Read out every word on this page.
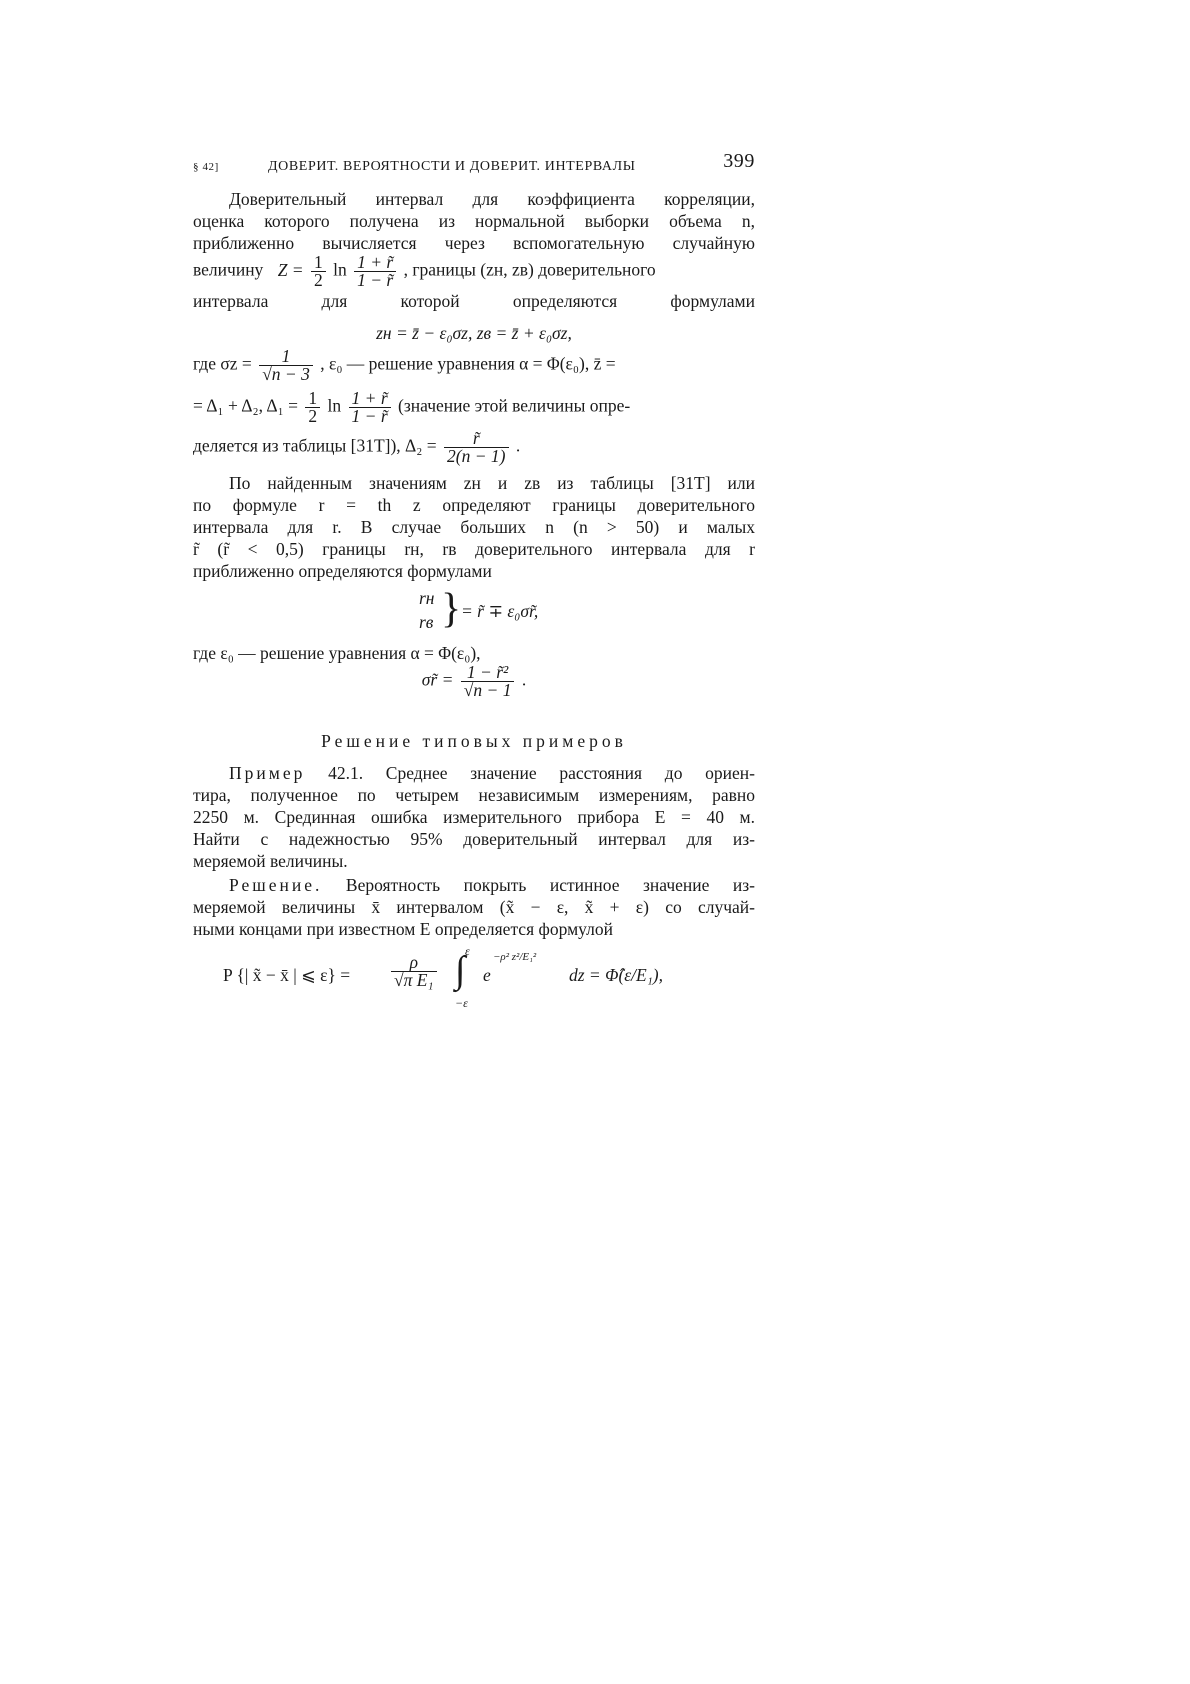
§ 42]	ДОВЕРИТ. ВЕРОЯТНОСТИ И ДОВЕРИТ. ИНТЕРВАЛЫ	399
Доверительный интервал для коэффициента корреляции,
оценка которого получена из нормальной выборки объема n,
приближенно вычисляется через вспомогательную случайную
величину $Z = \frac{1}{2}$ $\ln \frac{1 + r̃}{1 - r̃}$ , границы (zн, zв) доверительного
интервала для которой определяются формулами
zн = z̄ − ε₀σz, zв = z̄ + ε₀σz,
где $\sigma z = \frac{1}{√n - 3}$ , ε₀ — решение уравнения α = Φ(ε₀), z̄ =
= Δ₁ + Δ₂, $\Delta_1 = \frac{1}{2}$ $\ln \frac{1 + r̃}{1 - r̃}$ (значение этой величины опре-
деляется из таблицы [31T]), $\Delta_2 = \frac{r̃}{2(n - 1)}$ .
По найденным значениям zн и zв из таблицы [31T] или
по формуле r = th z определяют границы доверительного
интервала для r. В случае больших n (n > 50) и малых
r̃ (r̃ < 0,5) границы rн, rв доверительного интервала для r
приближенно определяются формулами
rн
rв } = r̃ ∓ ε₀σr̃,
где ε₀ — решение уравнения α = Φ(ε₀),
σr̃ = $\frac{\text{1 − r̃²}}{√n - 1}$ .
Решение типовых примеров
Пример 42.1. Среднее значение расстояния до ориен-
тира, полученное по четырем независимым измерениям, равно
2250 м. Срединная ошибка измерительного прибора E = 40 м.
Найти с надежностью 95% доверительный интервал для из-
меряемой величины.
Решение. Вероятность покрыть истинное значение из-
меряемой величины x̄ интервалом (x̃ − ε, x̃ + ε) со случай-
ными концами при известном E определяется формулой
P {| x̃ − x̄ | ⩽ $\varepsilon\} = \frac{\rho}{\text{√π E₁}}$
ε
∫
−ε
e
−ρ² z²/E₁²
dz = Φ̂(ε/E₁),
